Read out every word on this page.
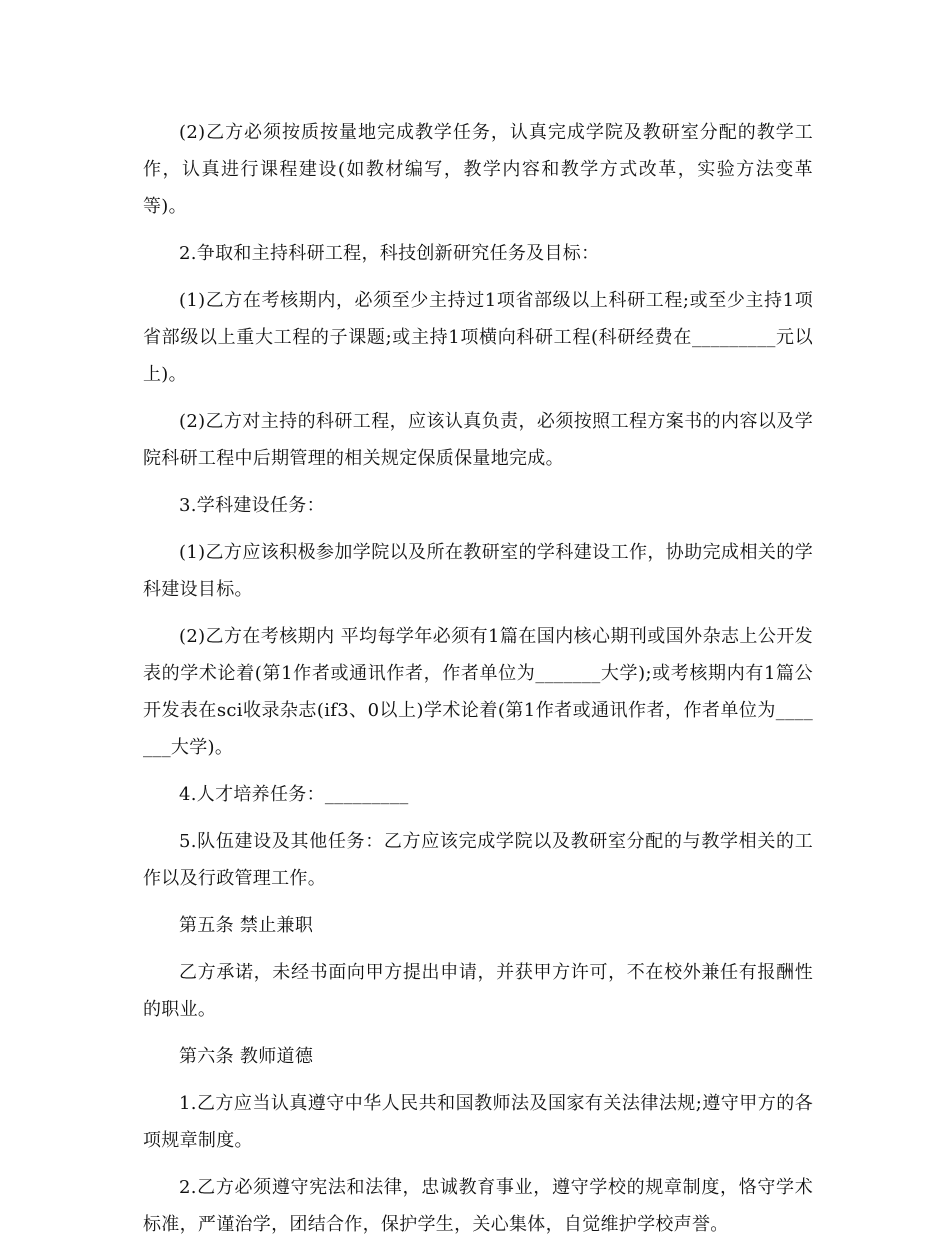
(2)乙方必须按质按量地完成教学任务，认真完成学院及教研室分配的教学工作，认真进行课程建设(如教材编写，教学内容和教学方式改革，实验方法变革等)。

2.争取和主持科研工程，科技创新研究任务及目标：

(1)乙方在考核期内，必须至少主持过1项省部级以上科研工程;或至少主持1项省部级以上重大工程的子课题;或主持1项横向科研工程(科研经费在_________元以上)。

(2)乙方对主持的科研工程，应该认真负责，必须按照工程方案书的内容以及学院科研工程中后期管理的相关规定保质保量地完成。

3.学科建设任务：

(1)乙方应该积极参加学院以及所在教研室的学科建设工作，协助完成相关的学科建设目标。

(2)乙方在考核期内 平均每学年必须有1篇在国内核心期刊或国外杂志上公开发表的学术论着(第1作者或通讯作者，作者单位为_______大学);或考核期内有1篇公开发表在sci收录杂志(if3、0以上)学术论着(第1作者或通讯作者，作者单位为_______大学)。

4.人才培养任务：_________

5.队伍建设及其他任务：乙方应该完成学院以及教研室分配的与教学相关的工作以及行政管理工作。

第五条 禁止兼职

乙方承诺，未经书面向甲方提出申请，并获甲方许可，不在校外兼任有报酬性的职业。

第六条 教师道德

1.乙方应当认真遵守中华人民共和国教师法及国家有关法律法规;遵守甲方的各项规章制度。

2.乙方必须遵守宪法和法律，忠诚教育事业，遵守学校的规章制度，恪守学术标准，严谨治学，团结合作，保护学生，关心集体，自觉维护学校声誉。
